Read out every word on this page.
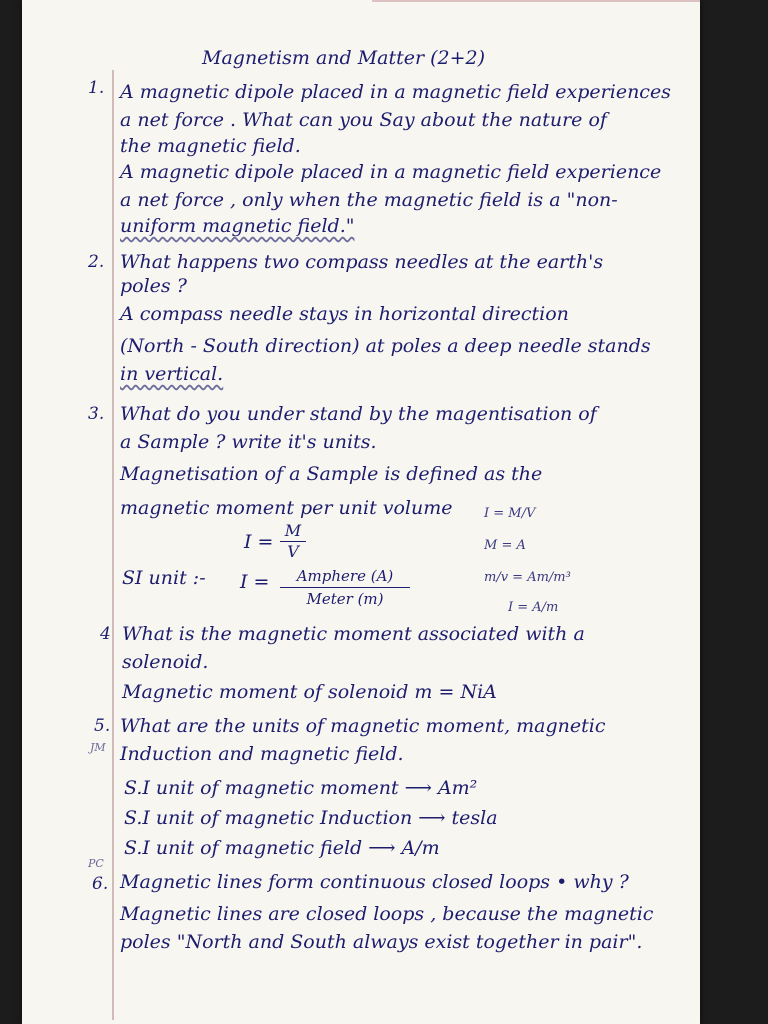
Magnetism and Matter (2+2)
1. A magnetic dipole placed in a magnetic field experiences
a net force . What can you Say about the nature of
the magnetic field.
A magnetic dipole placed in a magnetic field experience
a net force , only when the magnetic field is a "non-
uniform magnetic field."
2. What happens two compass needles at the earth's
poles ?
A compass needle stays in horizontal direction
(North - South direction) at poles a deep needle stands
in vertical.
3. What do you under stand by the magentisation of
a Sample ? write it's units.
Magnetisation of a Sample is defined as the
magnetic moment per unit volume
I =
M
V
SI unit :- I =	Amphere (A)
Meter (m)
I = M/V
M = A
m/v = Am/m³
I = A/m
4 What is the magnetic moment associated with a
solenoid.
Magnetic moment of solenoid m = NiA
5.
JM
What are the units of magnetic moment, magnetic
Induction and magnetic field.
S.I unit of magnetic moment ⟶ Am²
S.I unit of magnetic Induction ⟶ tesla
S.I unit of magnetic field ⟶ A/m
PC
6. Magnetic lines form continuous closed loops • why ?
Magnetic lines are closed loops , because the magnetic
poles "North and South always exist together in pair".
